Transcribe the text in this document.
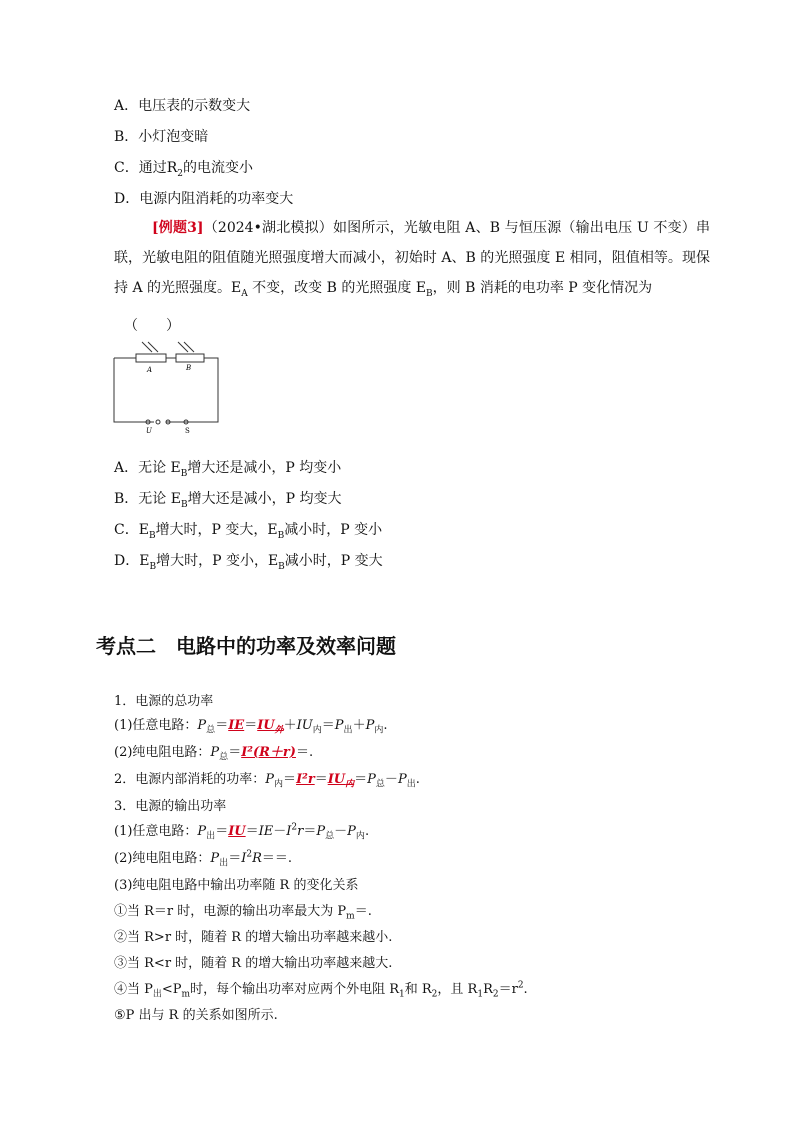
A．电压表的示数变大
B．小灯泡变暗
C．通过$R_2$的电流变小
D．电源内阻消耗的功率变大
[例题3]（2024•湖北模拟）如图所示，光敏电阻 A、B 与恒压源（输出电压 U 不变）串联，光敏电阻的阻值随光照强度增大而减小，初始时 A、B 的光照强度 E 相同，阻值相等。现保持 A 的光照强度。$E_A$ 不变，改变 B 的光照强度 $E_B$，则 B 消耗的电功率 P 变化情况为
（　　）
A	B
U	S
A．无论 $E_B$增大还是减小，P 均变小
B．无论 $E_B$增大还是减小，P 均变大
C．$E_B$增大时，P 变大，$E_B$减小时，P 变小
D．$E_B$增大时，P 变小，$E_B$减小时，P 变大
考点二　电路中的功率及效率问题
1．电源的总功率
(1)任意电路：$P_总=IE=IU_外+IU_内=P_出+P_内$.
(2)纯电阻电路：$P_总=I^2(R+r)=$.
2．电源内部消耗的功率：$P_内=I^2r=IU_内=P_总-P_出$.
3．电源的输出功率
(1)任意电路：$P_出=IU=IE-I^2r=P_总-P_内$.
(2)纯电阻电路：$P_出=I^2R==$.
(3)纯电阻电路中输出功率随 R 的变化关系
①当 R＝r 时，电源的输出功率最大为 $P_m=$.
②当 R>r 时，随着 R 的增大输出功率越来越小.
③当 R<r 时，随着 R 的增大输出功率越来越大.
④当 $P_出<P_m$时，每个输出功率对应两个外电阻 $R_1$和 $R_2$，且 $R_1R_2=r^2$.
⑤P 出与 R 的关系如图所示.
